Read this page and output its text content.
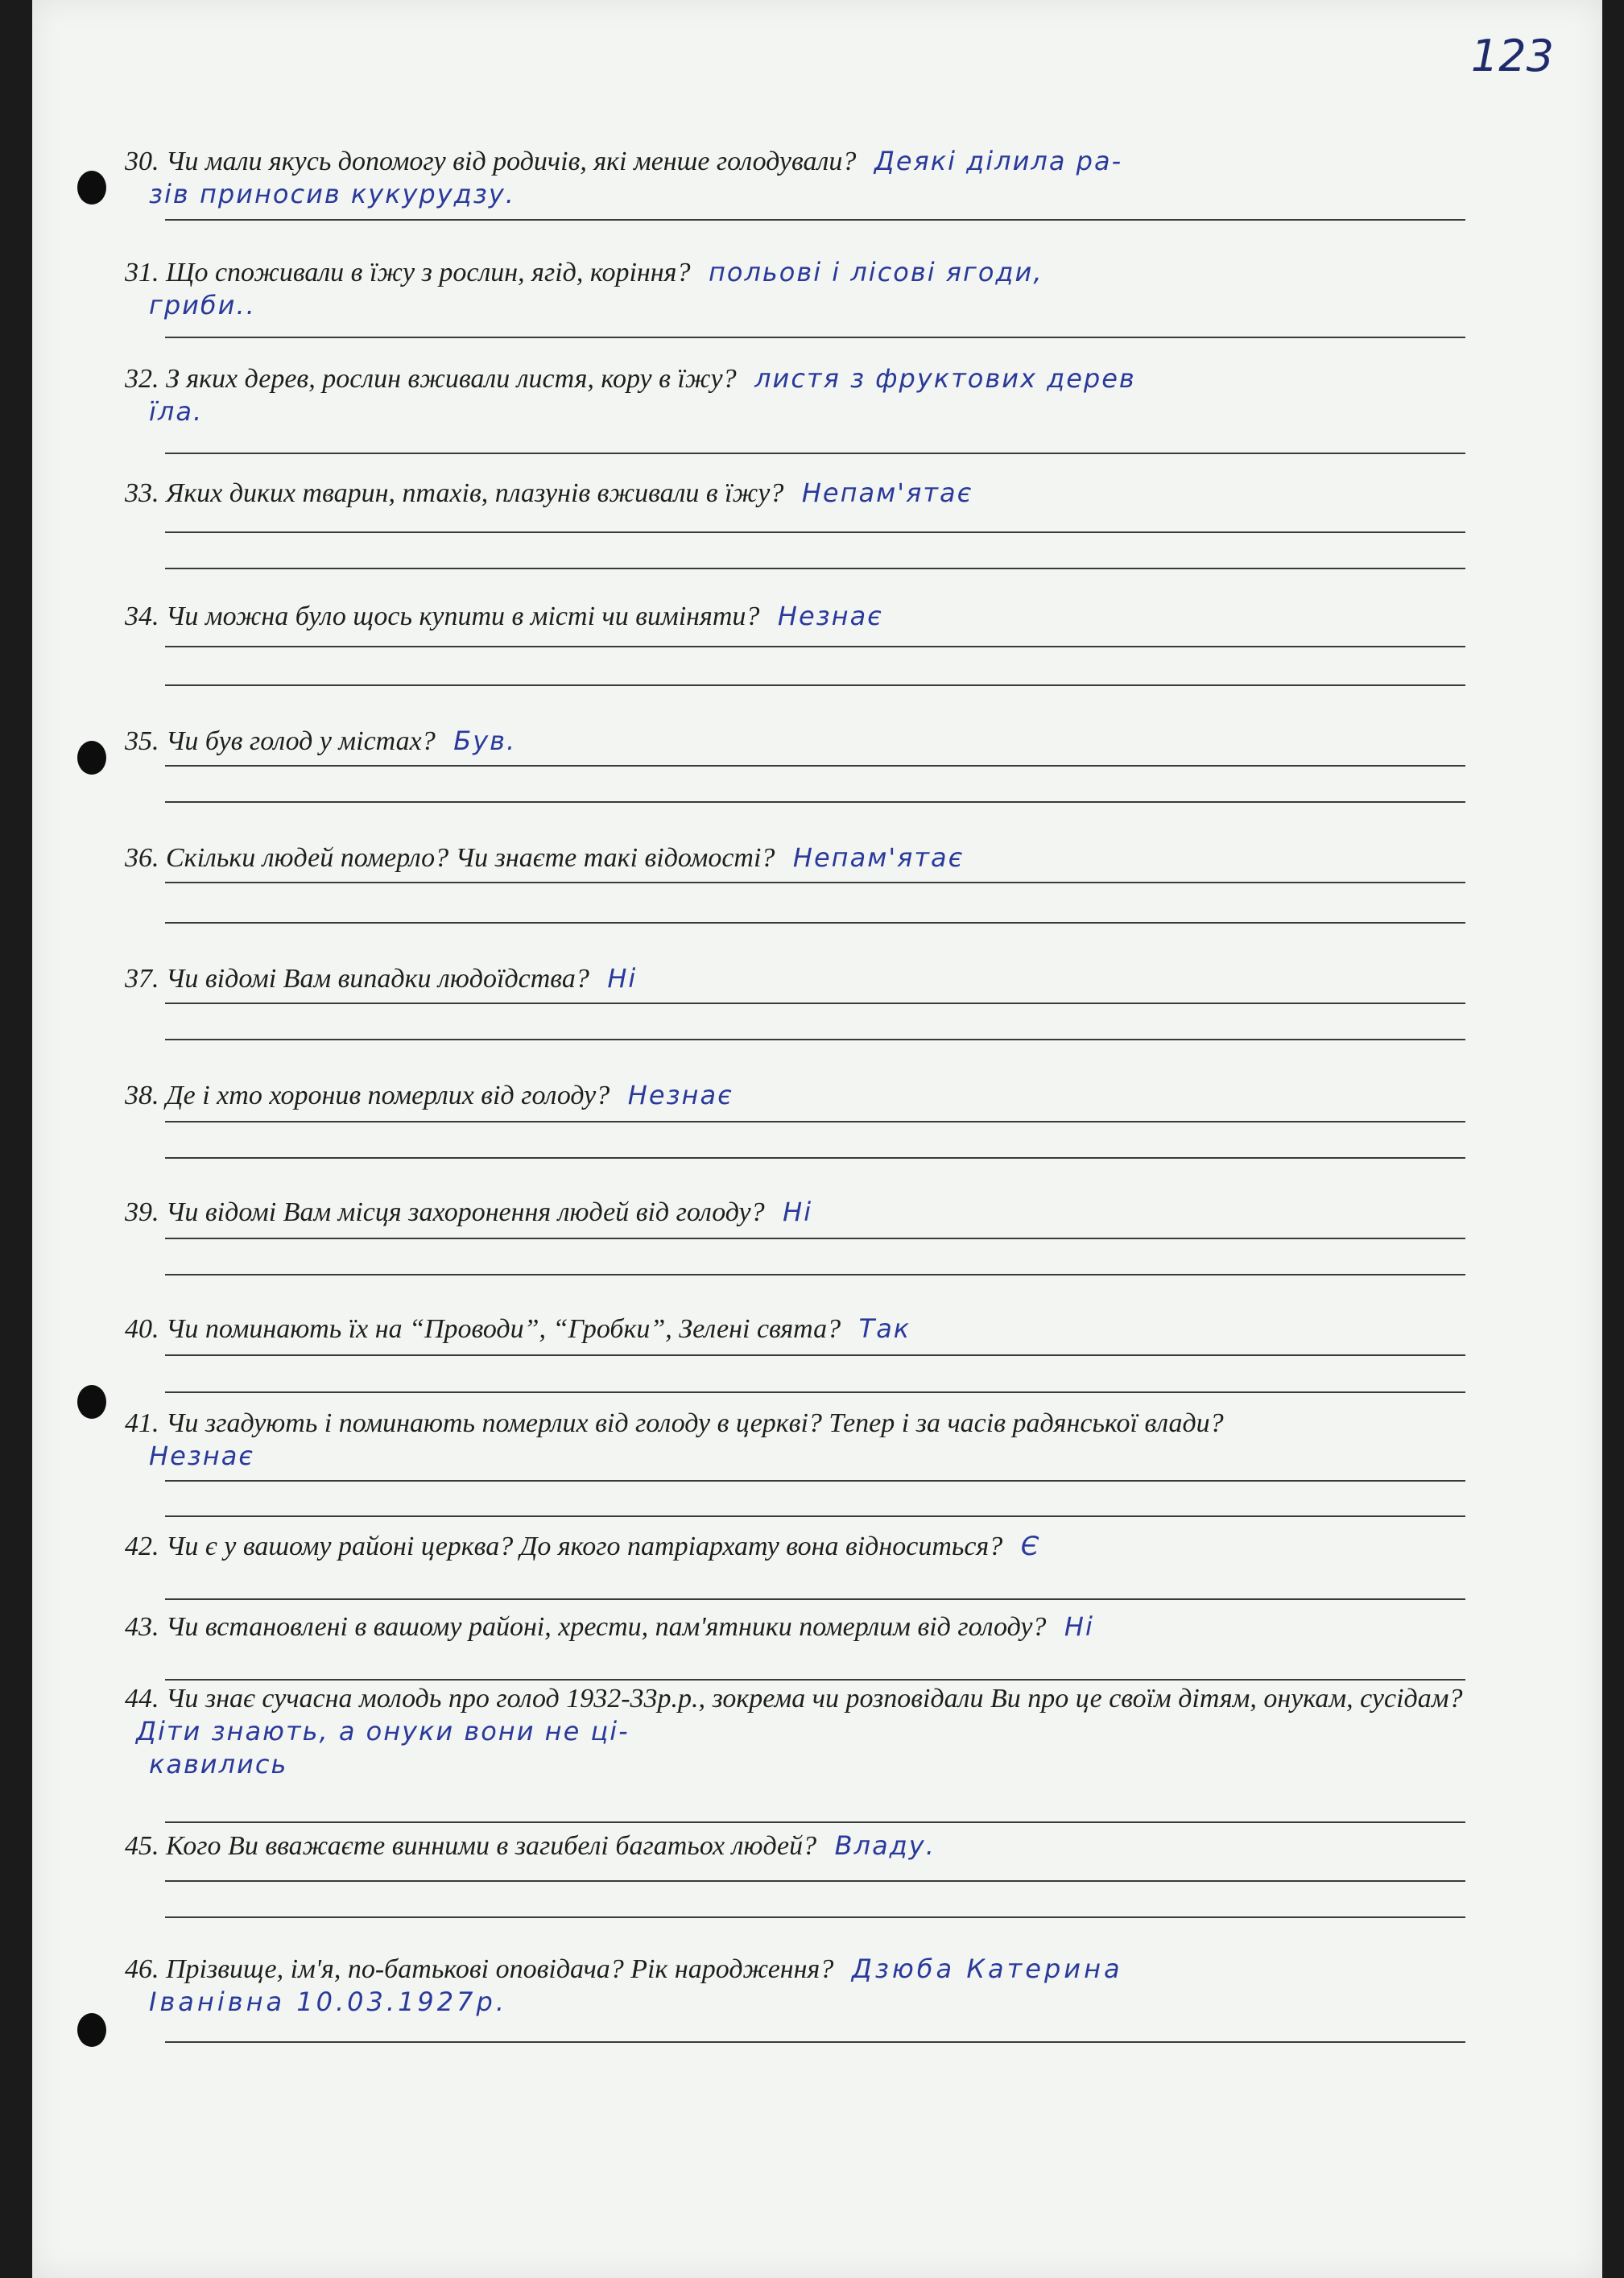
123
30. Чи мали якусь допомогу від родичів, які менше голодували? Деякі ділила ра-
зів приносив кукурудзу.
31. Що споживали в їжу з рослин, ягід, коріння? польові і лісові ягоди,
гриби..
32. З яких дерев, рослин вживали листя, кору в їжу? листя з фруктових дерев
їла.
33. Яких диких тварин, птахів, плазунів вживали в їжу? Непам'ятає
34. Чи можна було щось купити в місті чи виміняти? Незнає
35. Чи був голод у містах? Був.
36. Скільки людей померло? Чи знаєте такі відомості? Непам'ятає
37. Чи відомі Вам випадки людоїдства? Ні
38. Де і хто хоронив померлих від голоду? Незнає
39. Чи відомі Вам місця захоронення людей від голоду? Ні
40. Чи поминають їх на “Проводи”, “Гробки”, Зелені свята? Так
41. Чи згадують і поминають померлих від голоду в церкві? Тепер і за часів радянської влади?
Незнає
42. Чи є у вашому районі церква? До якого патріархату вона відноситься? Є
43. Чи встановлені в вашому районі, хрести, пам'ятники померлим від голоду? Ні
44. Чи знає сучасна молодь про голод 1932-33р.р., зокрема чи розповідали Ви про це своїм дітям, онукам, сусідам? Діти знають, а онуки вони не ці-
кавились
45. Кого Ви вважаєте винними в загибелі багатьох людей? Владу.
46. Прізвище, ім'я, по-батькові оповідача? Рік народження? Дзюба Катерина
Іванівна 10.03.1927р.
